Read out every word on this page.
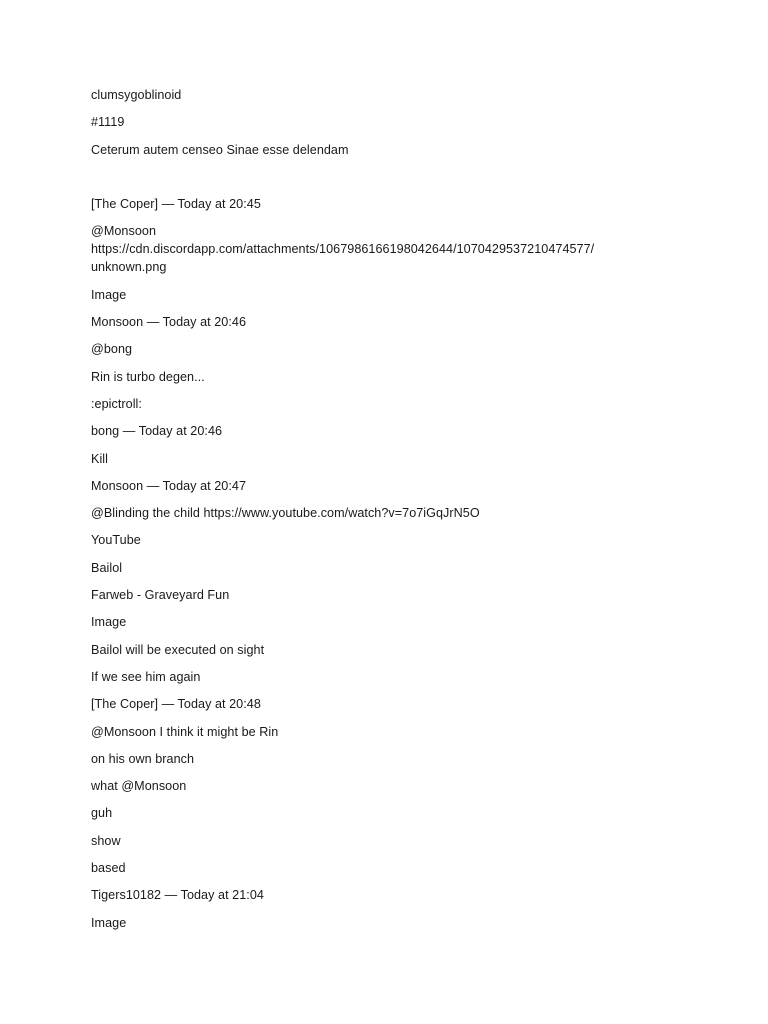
clumsygoblinoid
#1119
Ceterum autem censeo Sinae esse delendam
[The Coper] — Today at 20:45
@Monsoon
https://cdn.discordapp.com/attachments/1067986166198042644/1070429537210474577/
unknown.png
Image
Monsoon — Today at 20:46
@bong
Rin is turbo degen...
:epictroll:
bong — Today at 20:46
Kill
Monsoon — Today at 20:47
@Blinding the child https://www.youtube.com/watch?v=7o7iGqJrN5O
YouTube
Bailol
Farweb - Graveyard Fun
Image
Bailol will be executed on sight
If we see him again
[The Coper] — Today at 20:48
@Monsoon I think it might be Rin
on his own branch
what @Monsoon
guh
show
based
Tigers10182 — Today at 21:04
Image
